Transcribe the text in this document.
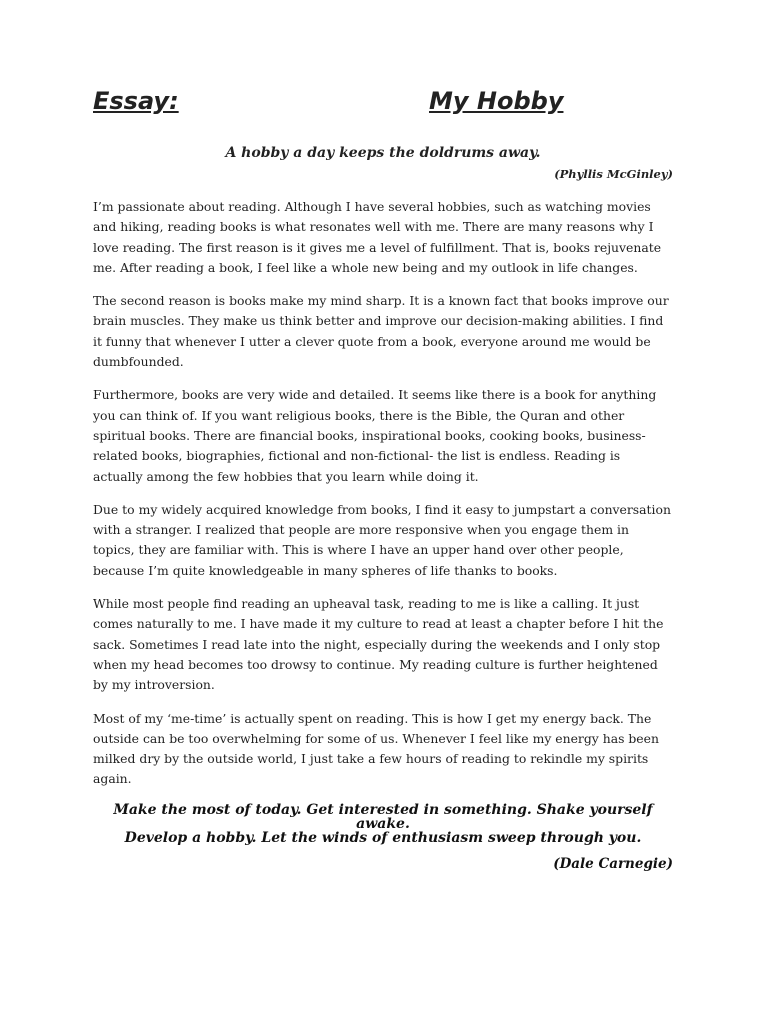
Essay:	My Hobby
A hobby a day keeps the doldrums away.
(Phyllis McGinley)

I’m passionate about reading. Although I have several hobbies, such as watching movies and hiking, reading books is what resonates well with me. There are many reasons why I love reading. The first reason is it gives me a level of fulfillment. That is, books rejuvenate me. After reading a book, I feel like a whole new being and my outlook in life changes.

The second reason is books make my mind sharp. It is a known fact that books improve our brain muscles. They make us think better and improve our decision-making abilities. I find it funny that whenever I utter a clever quote from a book, everyone around me would be dumbfounded.

Furthermore, books are very wide and detailed. It seems like there is a book for anything you can think of. If you want religious books, there is the Bible, the Quran and other spiritual books. There are financial books, inspirational books, cooking books, business-related books, biographies, fictional and non-fictional- the list is endless. Reading is actually among the few hobbies that you learn while doing it.

Due to my widely acquired knowledge from books, I find it easy to jumpstart a conversation with a stranger. I realized that people are more responsive when you engage them in topics, they are familiar with. This is where I have an upper hand over other people, because I’m quite knowledgeable in many spheres of life thanks to books.

While most people find reading an upheaval task, reading to me is like a calling. It just comes naturally to me. I have made it my culture to read at least a chapter before I hit the sack. Sometimes I read late into the night, especially during the weekends and I only stop when my head becomes too drowsy to continue. My reading culture is further heightened by my introversion.

Most of my ‘me-time’ is actually spent on reading. This is how I get my energy back. The outside can be too overwhelming for some of us. Whenever I feel like my energy has been milked dry by the outside world, I just take a few hours of reading to rekindle my spirits again.

Make the most of today. Get interested in something. Shake yourself awake.
Develop a hobby. Let the winds of enthusiasm sweep through you.
(Dale Carnegie)
